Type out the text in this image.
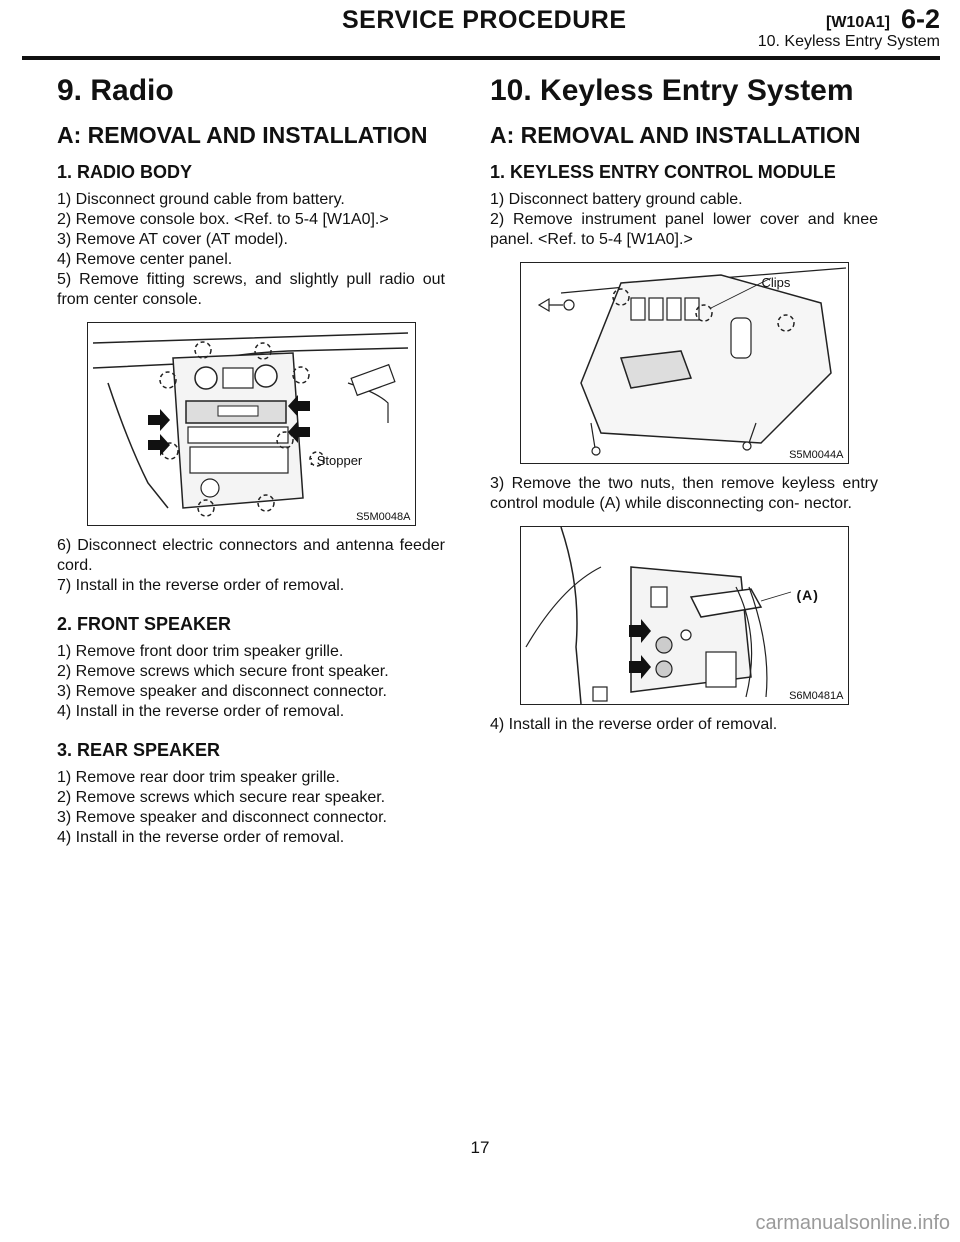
SERVICE PROCEDURE	[W10A1] 6-2
10. Keyless Entry System
9. Radio
A: REMOVAL AND INSTALLATION
1. RADIO BODY

1) Disconnect ground cable from battery.

2) Remove console box. <Ref. to 5-4 [W1A0].>

3) Remove AT cover (AT model).

4) Remove center panel.

5) Remove fitting screws, and slightly pull radio out from center console.

: Stopper
S5M0048A

6) Disconnect electric connectors and antenna feeder cord.

7) Install in the reverse order of removal.

2. FRONT SPEAKER

1) Remove front door trim speaker grille.

2) Remove screws which secure front speaker.

3) Remove speaker and disconnect connector.

4) Install in the reverse order of removal.

3. REAR SPEAKER

1) Remove rear door trim speaker grille.

2) Remove screws which secure rear speaker.

3) Remove speaker and disconnect connector.

4) Install in the reverse order of removal.

10. Keyless Entry System
A: REMOVAL AND INSTALLATION
1. KEYLESS ENTRY CONTROL MODULE

1) Disconnect battery ground cable.

2) Remove instrument panel lower cover and knee panel. <Ref. to 5-4 [W1A0].>

Clips
S5M0044A

3) Remove the two nuts, then remove keyless entry control module (A) while disconnecting con- nector.

(A)
S6M0481A

4) Install in the reverse order of removal.

17
carmanualsonline.info
